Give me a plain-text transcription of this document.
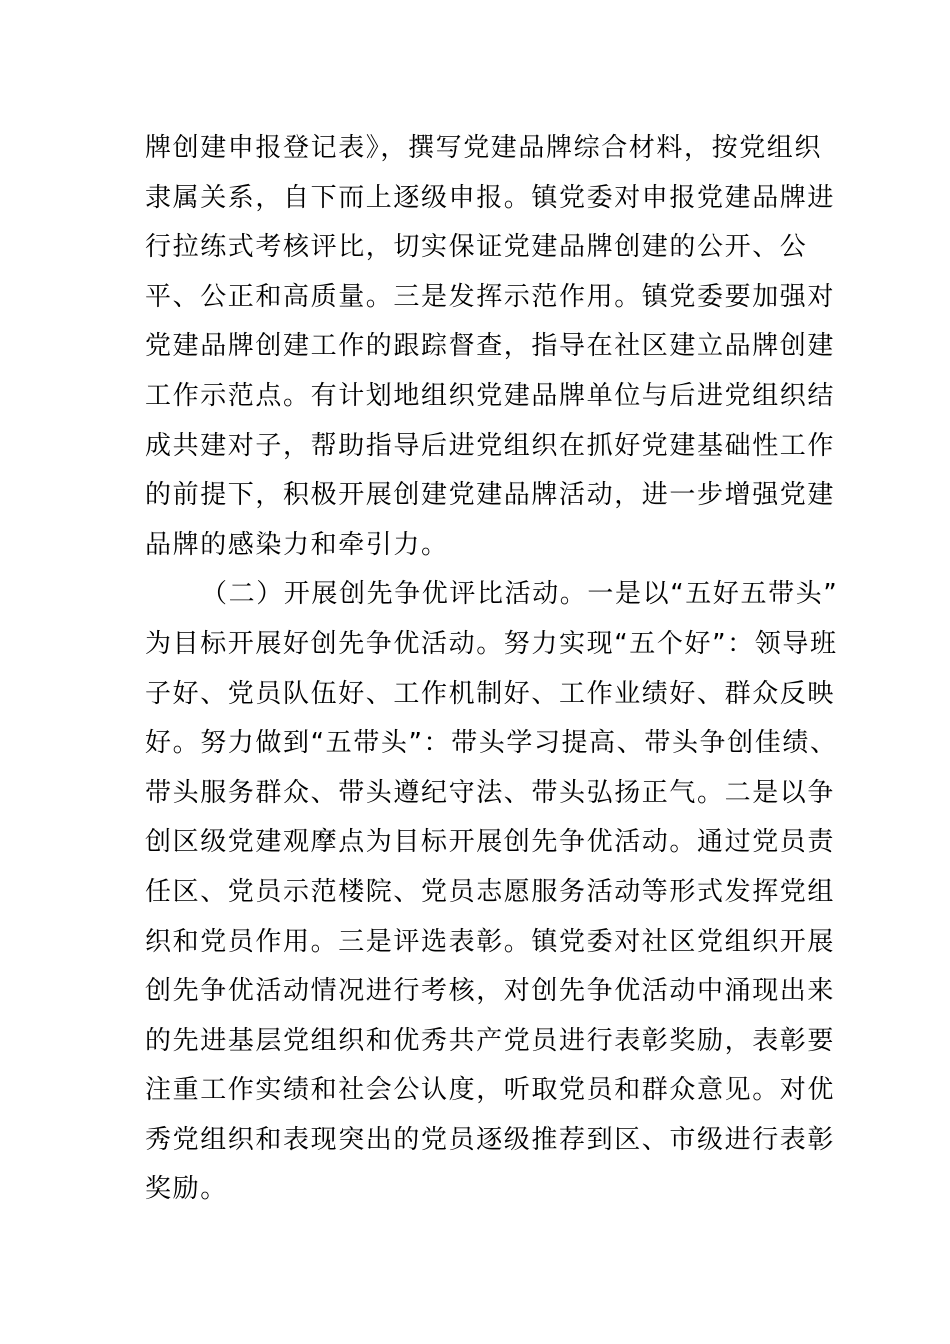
牌创建申报登记表》，撰写党建品牌综合材料，按党组织
隶属关系，自下而上逐级申报。镇党委对申报党建品牌进
行拉练式考核评比，切实保证党建品牌创建的公开、公
平、公正和高质量。三是发挥示范作用。镇党委要加强对
党建品牌创建工作的跟踪督查，指导在社区建立品牌创建
工作示范点。有计划地组织党建品牌单位与后进党组织结
成共建对子，帮助指导后进党组织在抓好党建基础性工作
的前提下，积极开展创建党建品牌活动，进一步增强党建
品牌的感染力和牵引力。
（二）开展创先争优评比活动。一是以“五好五带头”
为目标开展好创先争优活动。努力实现“五个好”：领导班
子好、党员队伍好、工作机制好、工作业绩好、群众反映
好。努力做到“五带头”：带头学习提高、带头争创佳绩、
带头服务群众、带头遵纪守法、带头弘扬正气。二是以争
创区级党建观摩点为目标开展创先争优活动。通过党员责
任区、党员示范楼院、党员志愿服务活动等形式发挥党组
织和党员作用。三是评选表彰。镇党委对社区党组织开展
创先争优活动情况进行考核，对创先争优活动中涌现出来
的先进基层党组织和优秀共产党员进行表彰奖励，表彰要
注重工作实绩和社会公认度，听取党员和群众意见。对优
秀党组织和表现突出的党员逐级推荐到区、市级进行表彰
奖励。
